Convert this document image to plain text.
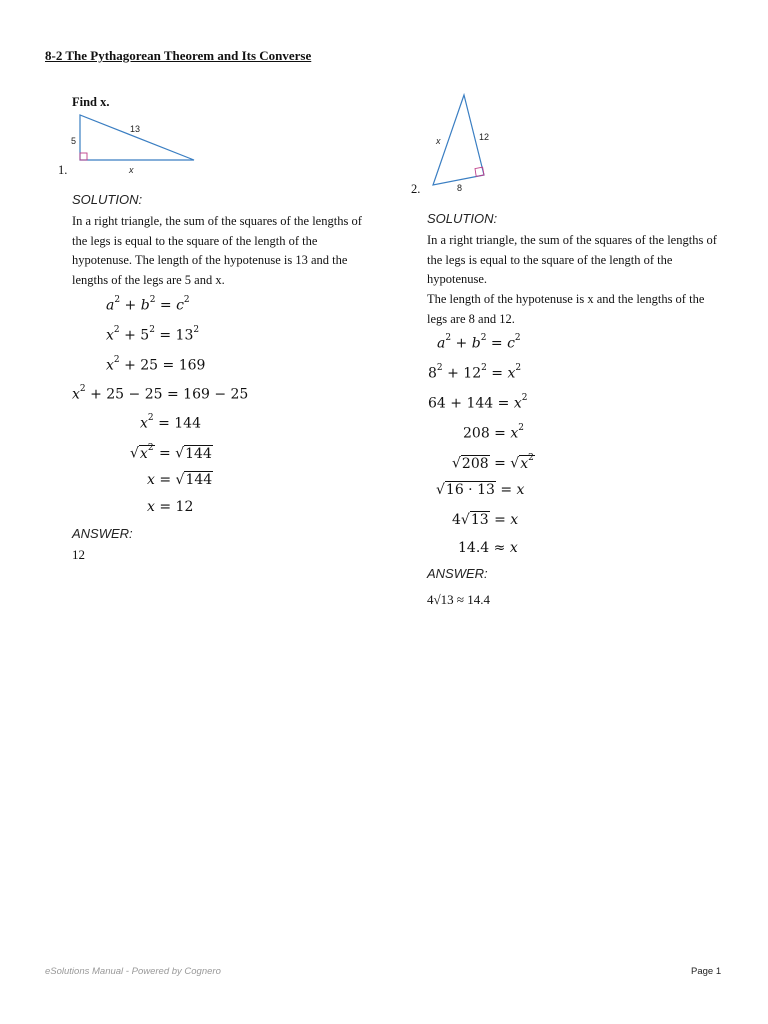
8-2 The Pythagorean Theorem and Its Converse
Find x.
5
13
x
1.
SOLUTION:
In a right triangle, the sum of the squares of the lengths of the legs is equal to the square of the length of the hypotenuse. The length of the hypotenuse is 13 and the lengths of the legs are 5 and x.
$a^2 + b^2 = c^2$
$x^2 + 5^2 = 13^2$
$x^2 + 25 = 169$
$x^2 + 25 - 25 = 169 - 25$
$x^2 = 144$
$√x^2 = √144$
x = √144
x = 12
ANSWER:
12
x	12
8
2.
SOLUTION:
In a right triangle, the sum of the squares of the lengths of the legs is equal to the square of the length of the hypotenuse.
The length of the hypotenuse is x and the lengths of the legs are 8 and 12.
$a^2 + b^2 = c^2$
$8^2 + 12^2 = x^2$
$64 + 144 = x^2$
$208 = x^2$
$√208 = √x^2$
√16 · 13 = x
4√13 = x
14.4 ≈ x
ANSWER:
4√13 ≈ 14.4
eSolutions Manual - Powered by Cognero	Page 1
